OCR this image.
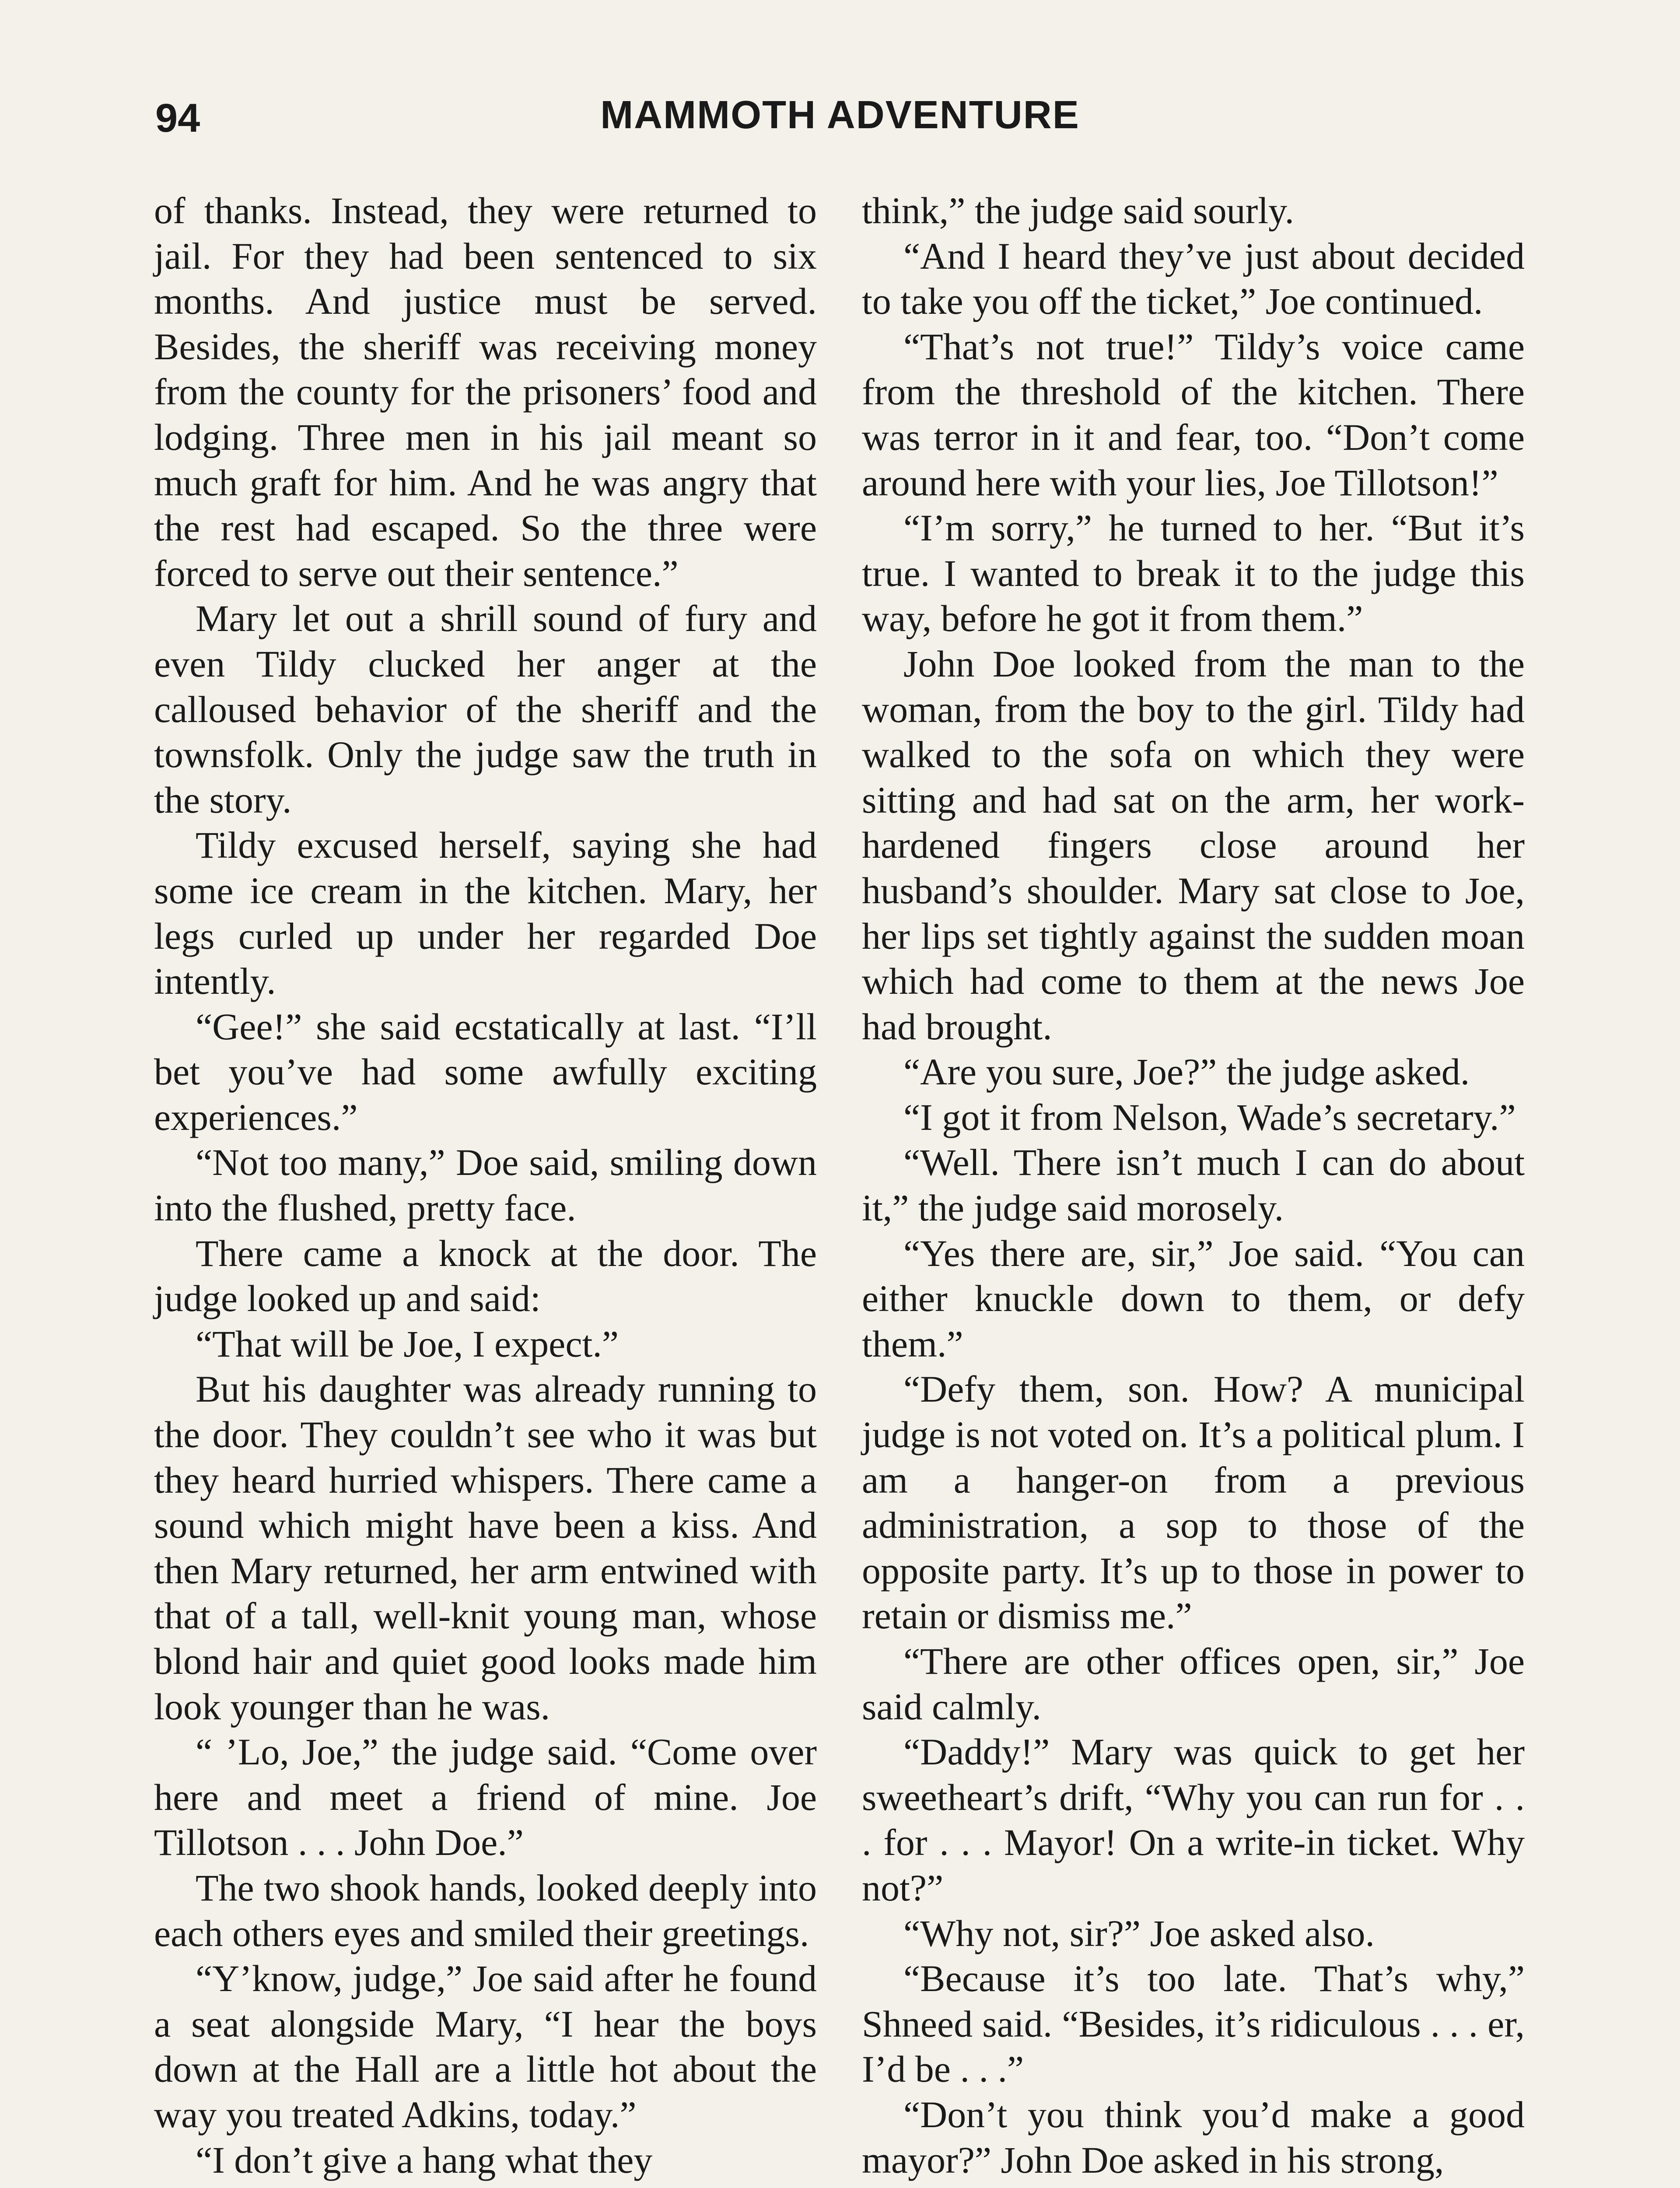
94	MAMMOTH ADVENTURE

of thanks. Instead, they were returned to jail. For they had been sentenced to six months. And justice must be served. Besides, the sheriff was receiving money from the county for the prisoners’ food and lodging. Three men in his jail meant so much graft for him. And he was angry that the rest had escaped. So the three were forced to serve out their sentence.”

Mary let out a shrill sound of fury and even Tildy clucked her anger at the calloused behavior of the sheriff and the townsfolk. Only the judge saw the truth in the story.

Tildy excused herself, saying she had some ice cream in the kitchen. Mary, her legs curled up under her regarded Doe intently.

“Gee!” she said ecstatically at last. “I’ll bet you’ve had some awfully exciting experiences.”

“Not too many,” Doe said, smiling down into the flushed, pretty face.

There came a knock at the door. The judge looked up and said:

“That will be Joe, I expect.”

But his daughter was already running to the door. They couldn’t see who it was but they heard hurried whispers. There came a sound which might have been a kiss. And then Mary returned, her arm entwined with that of a tall, well-knit young man, whose blond hair and quiet good looks made him look younger than he was.

“ ’Lo, Joe,” the judge said. “Come over here and meet a friend of mine. Joe Tillotson . . . John Doe.”

The two shook hands, looked deeply into each others eyes and smiled their greetings.

“Y’know, judge,” Joe said after he found a seat alongside Mary, “I hear the boys down at the Hall are a little hot about the way you treated Adkins, today.”

“I don’t give a hang what they

think,” the judge said sourly.

“And I heard they’ve just about decided to take you off the ticket,” Joe continued.

“That’s not true!” Tildy’s voice came from the threshold of the kitchen. There was terror in it and fear, too. “Don’t come around here with your lies, Joe Tillotson!”

“I’m sorry,” he turned to her. “But it’s true. I wanted to break it to the judge this way, before he got it from them.”

John Doe looked from the man to the woman, from the boy to the girl. Tildy had walked to the sofa on which they were sitting and had sat on the arm, her work-hardened fingers close around her husband’s shoulder. Mary sat close to Joe, her lips set tightly against the sudden moan which had come to them at the news Joe had brought.

“Are you sure, Joe?” the judge asked.

“I got it from Nelson, Wade’s secretary.”

“Well. There isn’t much I can do about it,” the judge said morosely.

“Yes there are, sir,” Joe said. “You can either knuckle down to them, or defy them.”

“Defy them, son. How? A municipal judge is not voted on. It’s a political plum. I am a hanger-on from a previous administration, a sop to those of the opposite party. It’s up to those in power to retain or dismiss me.”

“There are other offices open, sir,” Joe said calmly.

“Daddy!” Mary was quick to get her sweetheart’s drift, “Why you can run for . . . for . . . Mayor! On a write-in ticket. Why not?”

“Why not, sir?” Joe asked also.

“Because it’s too late. That’s why,” Shneed said. “Besides, it’s ridiculous . . . er, I’d be . . .”

“Don’t you think you’d make a good mayor?” John Doe asked in his strong,
